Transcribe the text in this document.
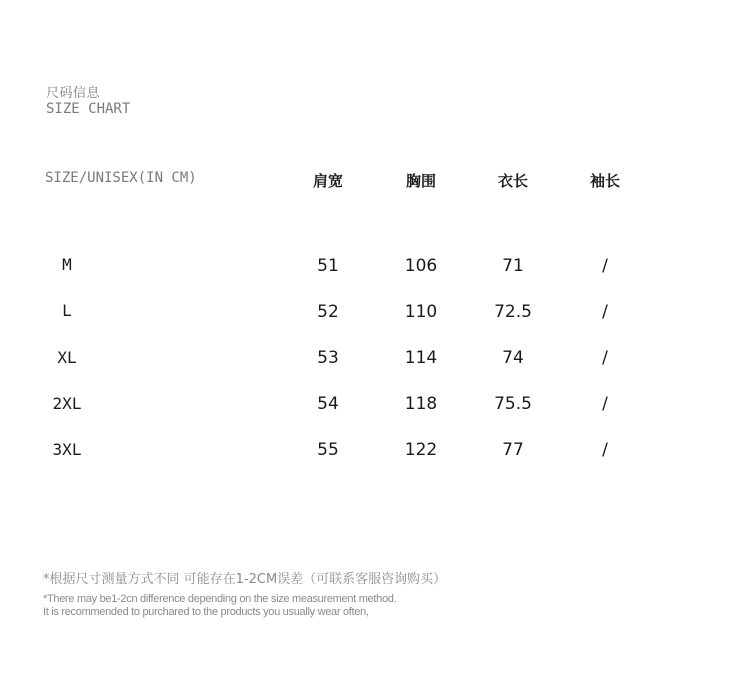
尺码信息
SIZE CHART
SIZE/UNISEX(IN CM)	肩宽	胸围	衣长	袖长
M	51	106	71	/
L	52	110	72.5	/
XL	53	114	74	/
2XL	54	118	75.5	/
3XL	55	122	77	/
*根据尺寸测量方式不同 可能存在1-2CM误差（可联系客服咨询购买）
*There may be1-2cn difference depending on the size measurement method.
It is recommended to purchared to the products you usually wear often,
